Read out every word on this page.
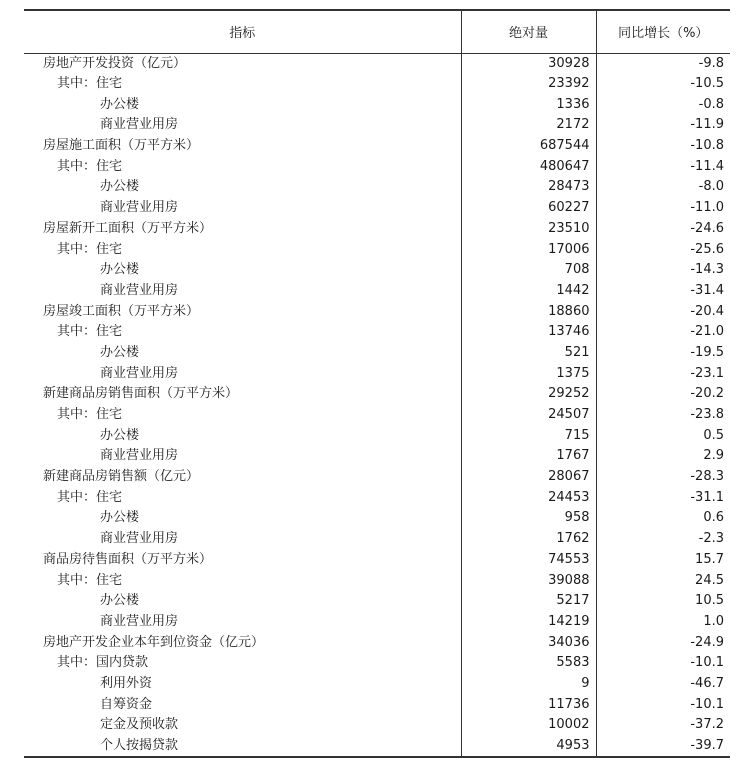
指标	绝对量	同比增长（%）
房地产开发投资（亿元）	30928	-9.8
其中：住宅	23392	-10.5
办公楼	1336	-0.8
商业营业用房	2172	-11.9
房屋施工面积（万平方米）	687544	-10.8
其中：住宅	480647	-11.4
办公楼	28473	-8.0
商业营业用房	60227	-11.0
房屋新开工面积（万平方米）	23510	-24.6
其中：住宅	17006	-25.6
办公楼	708	-14.3
商业营业用房	1442	-31.4
房屋竣工面积（万平方米）	18860	-20.4
其中：住宅	13746	-21.0
办公楼	521	-19.5
商业营业用房	1375	-23.1
新建商品房销售面积（万平方米）	29252	-20.2
其中：住宅	24507	-23.8
办公楼	715	0.5
商业营业用房	1767	2.9
新建商品房销售额（亿元）	28067	-28.3
其中：住宅	24453	-31.1
办公楼	958	0.6
商业营业用房	1762	-2.3
商品房待售面积（万平方米）	74553	15.7
其中：住宅	39088	24.5
办公楼	5217	10.5
商业营业用房	14219	1.0
房地产开发企业本年到位资金（亿元）	34036	-24.9
其中：国内贷款	5583	-10.1
利用外资	9	-46.7
自筹资金	11736	-10.1
定金及预收款	10002	-37.2
个人按揭贷款	4953	-39.7
